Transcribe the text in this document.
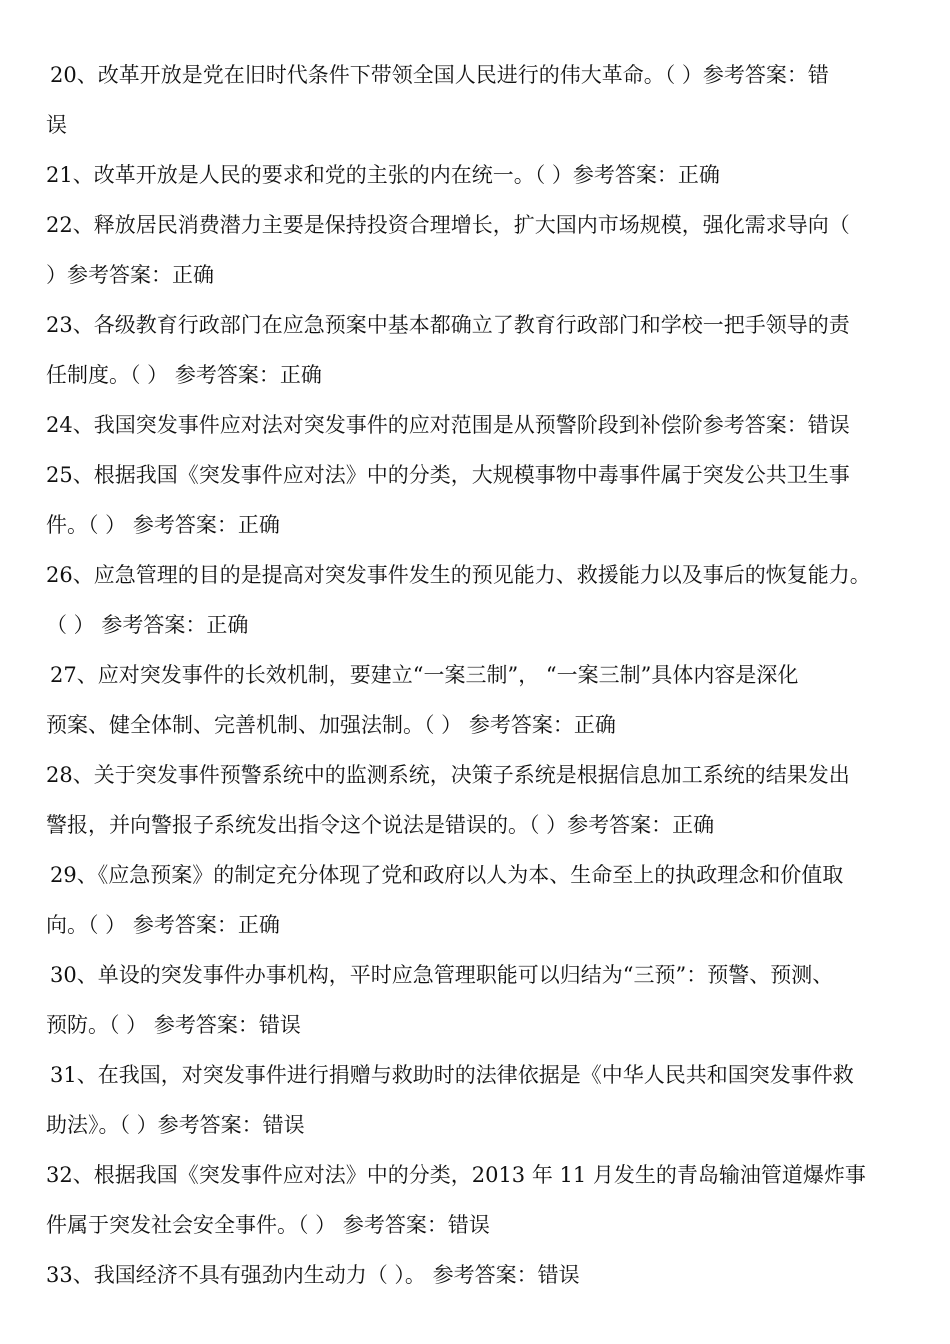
20、改革开放是党在旧时代条件下带领全国人民进行的伟大革命。（ ）参考答案：错
误
21、改革开放是人民的要求和党的主张的内在统一。（ ）参考答案：正确
22、释放居民消费潜力主要是保持投资合理增长，扩大国内市场规模，强化需求导向（
）参考答案：正确
23、各级教育行政部门在应急预案中基本都确立了教育行政部门和学校一把手领导的责
任制度。（ ） 参考答案：正确
24、我国突发事件应对法对突发事件的应对范围是从预警阶段到补偿阶参考答案：错误
25、根据我国《突发事件应对法》中的分类，大规模事物中毒事件属于突发公共卫生事
件。（ ） 参考答案：正确
26、应急管理的目的是提高对突发事件发生的预见能力、救援能力以及事后的恢复能力。
（ ） 参考答案：正确
27、应对突发事件的长效机制，要建立“一案三制”， “一案三制”具体内容是深化
预案、健全体制、完善机制、加强法制。（ ） 参考答案：正确
28、关于突发事件预警系统中的监测系统，决策子系统是根据信息加工系统的结果发出
警报，并向警报子系统发出指令这个说法是错误的。（ ）参考答案：正确
29、《应急预案》的制定充分体现了党和政府以人为本、生命至上的执政理念和价值取
向。（ ） 参考答案：正确
30、单设的突发事件办事机构，平时应急管理职能可以归结为“三预”：预警、预测、
预防。（ ） 参考答案：错误
31、在我国，对突发事件进行捐赠与救助时的法律依据是《中华人民共和国突发事件救
助法》。（ ）参考答案：错误
32、根据我国《突发事件应对法》中的分类，2013 年 11 月发生的青岛输油管道爆炸事
件属于突发社会安全事件。（ ） 参考答案：错误
33、我国经济不具有强劲内生动力（ ）。 参考答案：错误
